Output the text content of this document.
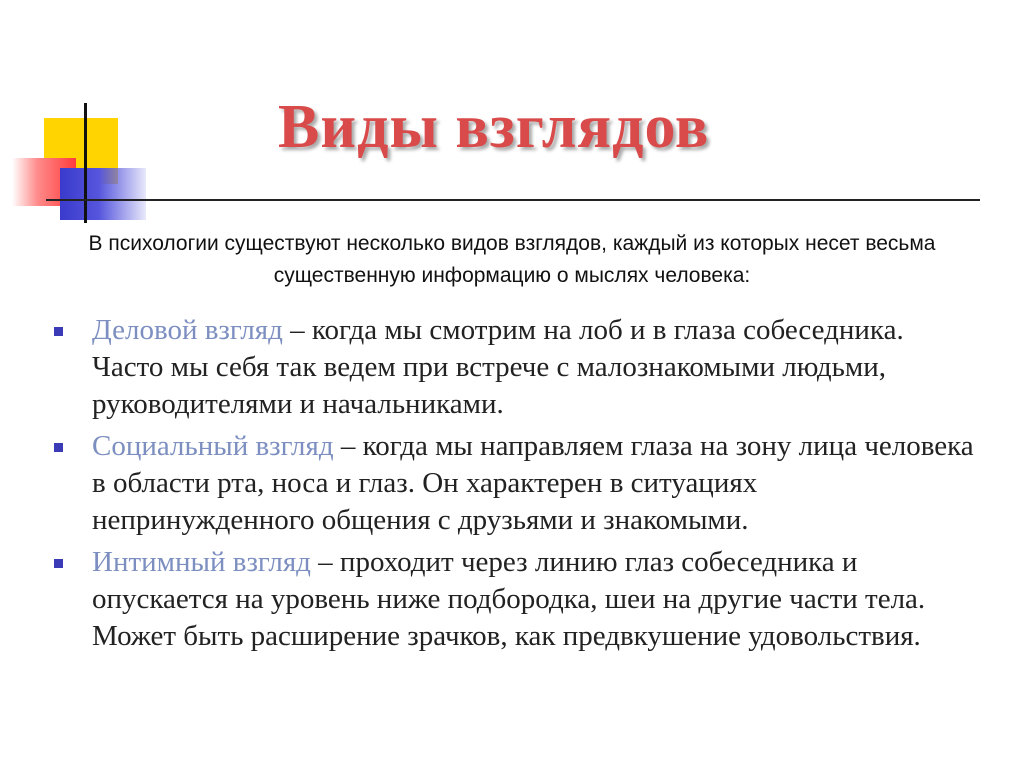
Виды взглядов
В психологии существуют несколько видов взглядов, каждый из которых несет весьма существенную информацию о мыслях человека:
Деловой взгляд – когда мы смотрим на лоб и в глаза собеседника. Часто мы себя так ведем при встрече с малознакомыми людьми, руководителями и начальниками.
Социальный взгляд – когда мы направляем глаза на зону лица человека в области рта, носа и глаз. Он характерен в ситуациях непринужденного общения с друзьями и знакомыми.
Интимный взгляд – проходит через линию глаз собеседника и опускается на уровень ниже подбородка, шеи на другие части тела. Может быть расширение зрачков, как предвкушение удовольствия.
